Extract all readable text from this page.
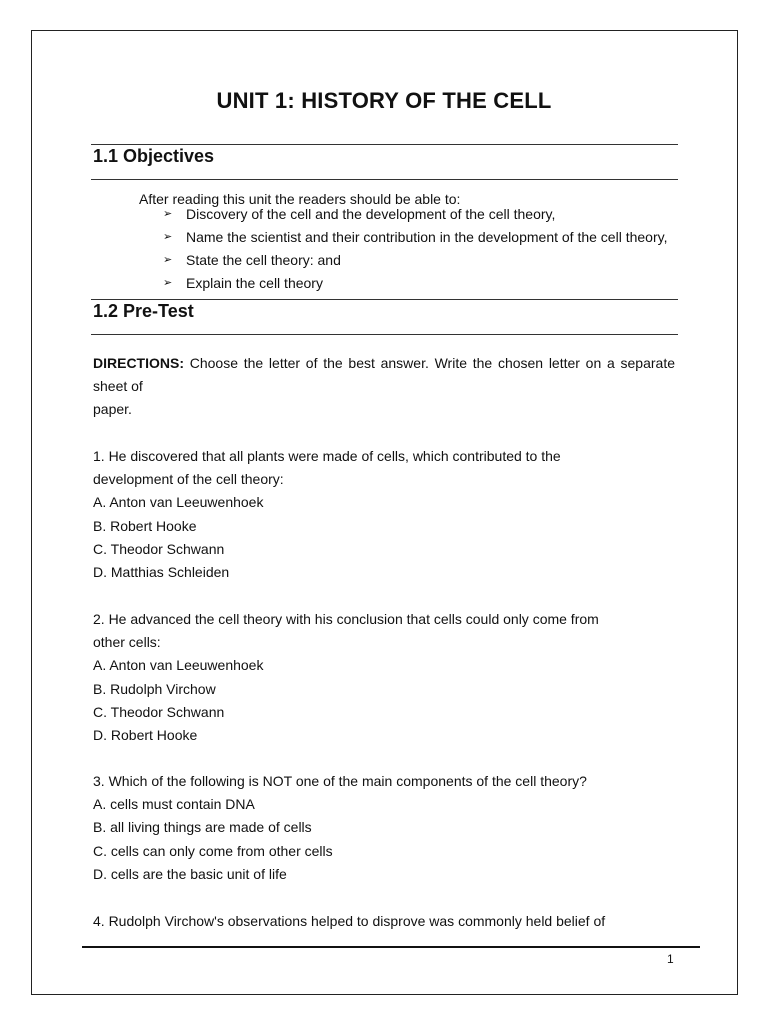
UNIT 1: HISTORY OF THE CELL
1.1 Objectives
After reading this unit the readers should be able to:
➢ Discovery of the cell and the development of the cell theory,
➢ Name the scientist and their contribution in the development of the cell theory,
➢ State the cell theory: and
➢ Explain the cell theory
1.2 Pre-Test
DIRECTIONS: Choose the letter of the best answer. Write the chosen letter on a separate
sheet of
paper.
1. He discovered that all plants were made of cells, which contributed to the
development of the cell theory:
A. Anton van Leeuwenhoek
B. Robert Hooke
C. Theodor Schwann
D. Matthias Schleiden
2. He advanced the cell theory with his conclusion that cells could only come from
other cells:
A. Anton van Leeuwenhoek
B. Rudolph Virchow
C. Theodor Schwann
D. Robert Hooke
3. Which of the following is NOT one of the main components of the cell theory?
A. cells must contain DNA
B. all living things are made of cells
C. cells can only come from other cells
D. cells are the basic unit of life
4. Rudolph Virchow's observations helped to disprove was commonly held belief of
1
